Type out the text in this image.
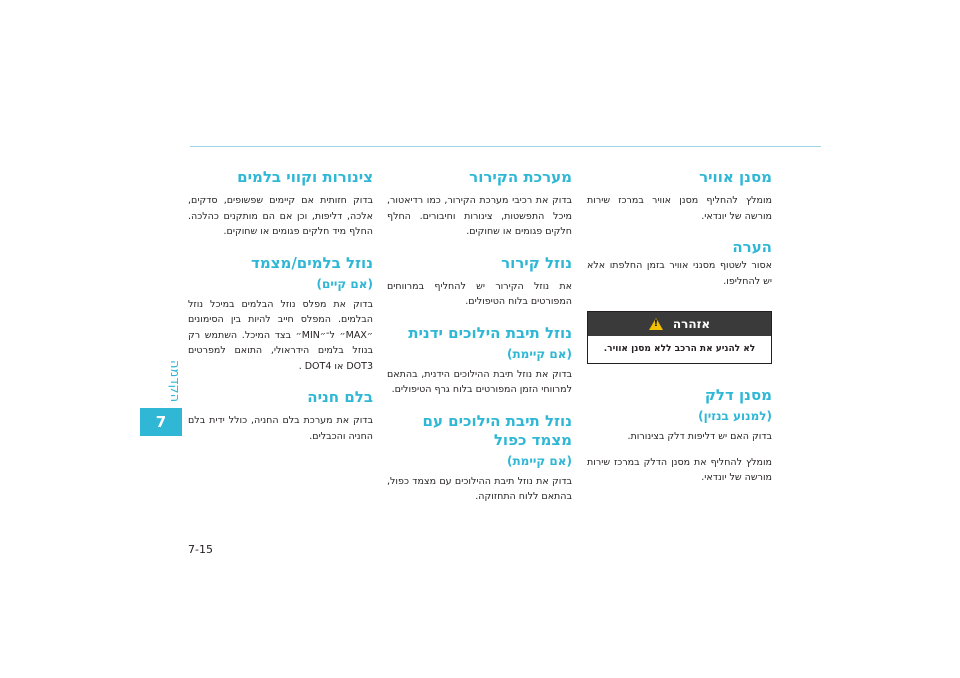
הקדמה
7
מסנן אוויר

מומלץ להחליף מסנן אוויר במרכז שירות מורשה של יונדאי.

הערה

אסור לשטוף מסנני אוויר בזמן החלפתו אלא יש להחליפו.

אזהרה
!
לא להניע את הרכב ללא מסנן אוויר.
מסנן דלק
(למנוע בנזין)

בדוק האם יש דליפות דלק בצינורות.

מומלץ להחליף את מסנן הדלק במרכז שירות מורשה של יונדאי.

מערכת הקירור

בדוק את רכיבי מערכת הקירור, כמו רדיאטור, מיכל התפשטות, צינורות וחיבורים. החלף חלקים פגומים או שחוקים.

נוזל קירור

את נוזל הקירור יש להחליף במרווחים המפורטים בלוח הטיפולים.

נוזל תיבת הילוכים ידנית
(אם קיימת)

בדוק את נוזל תיבת ההילוכים הידנית, בהתאם למרווחי הזמן המפורטים בלוח גרף הטיפולים.

נוזל תיבת הילוכים עם מצמד כפול
(אם קיימת)

בדוק את נוזל תיבת ההילוכים עם מצמד כפול, בהתאם ללוח התחזוקה.

צינורות וקווי בלמים

בדוק חזותית אם קיימים שפשופים, סדקים, אלכה, דליפות, וכן אם הם מותקנים כהלכה. החלף מיד חלקים פגומים או שחוקים.

נוזל בלמים/מצמד
(אם קיים)

בדוק את מפלס נוזל הבלמים במיכל נוזל הבלמים. המפלס חייב להיות בין הסימונים ״MAX״ ל־״MIN״ בצד המיכל. השתמש רק בנוזל בלמים הידראולי, התואם למפרטים DOT3 או DOT4 .

בלם חניה

בדוק את מערכת בלם החניה, כולל ידית בלם החניה והכבלים.

7-15
